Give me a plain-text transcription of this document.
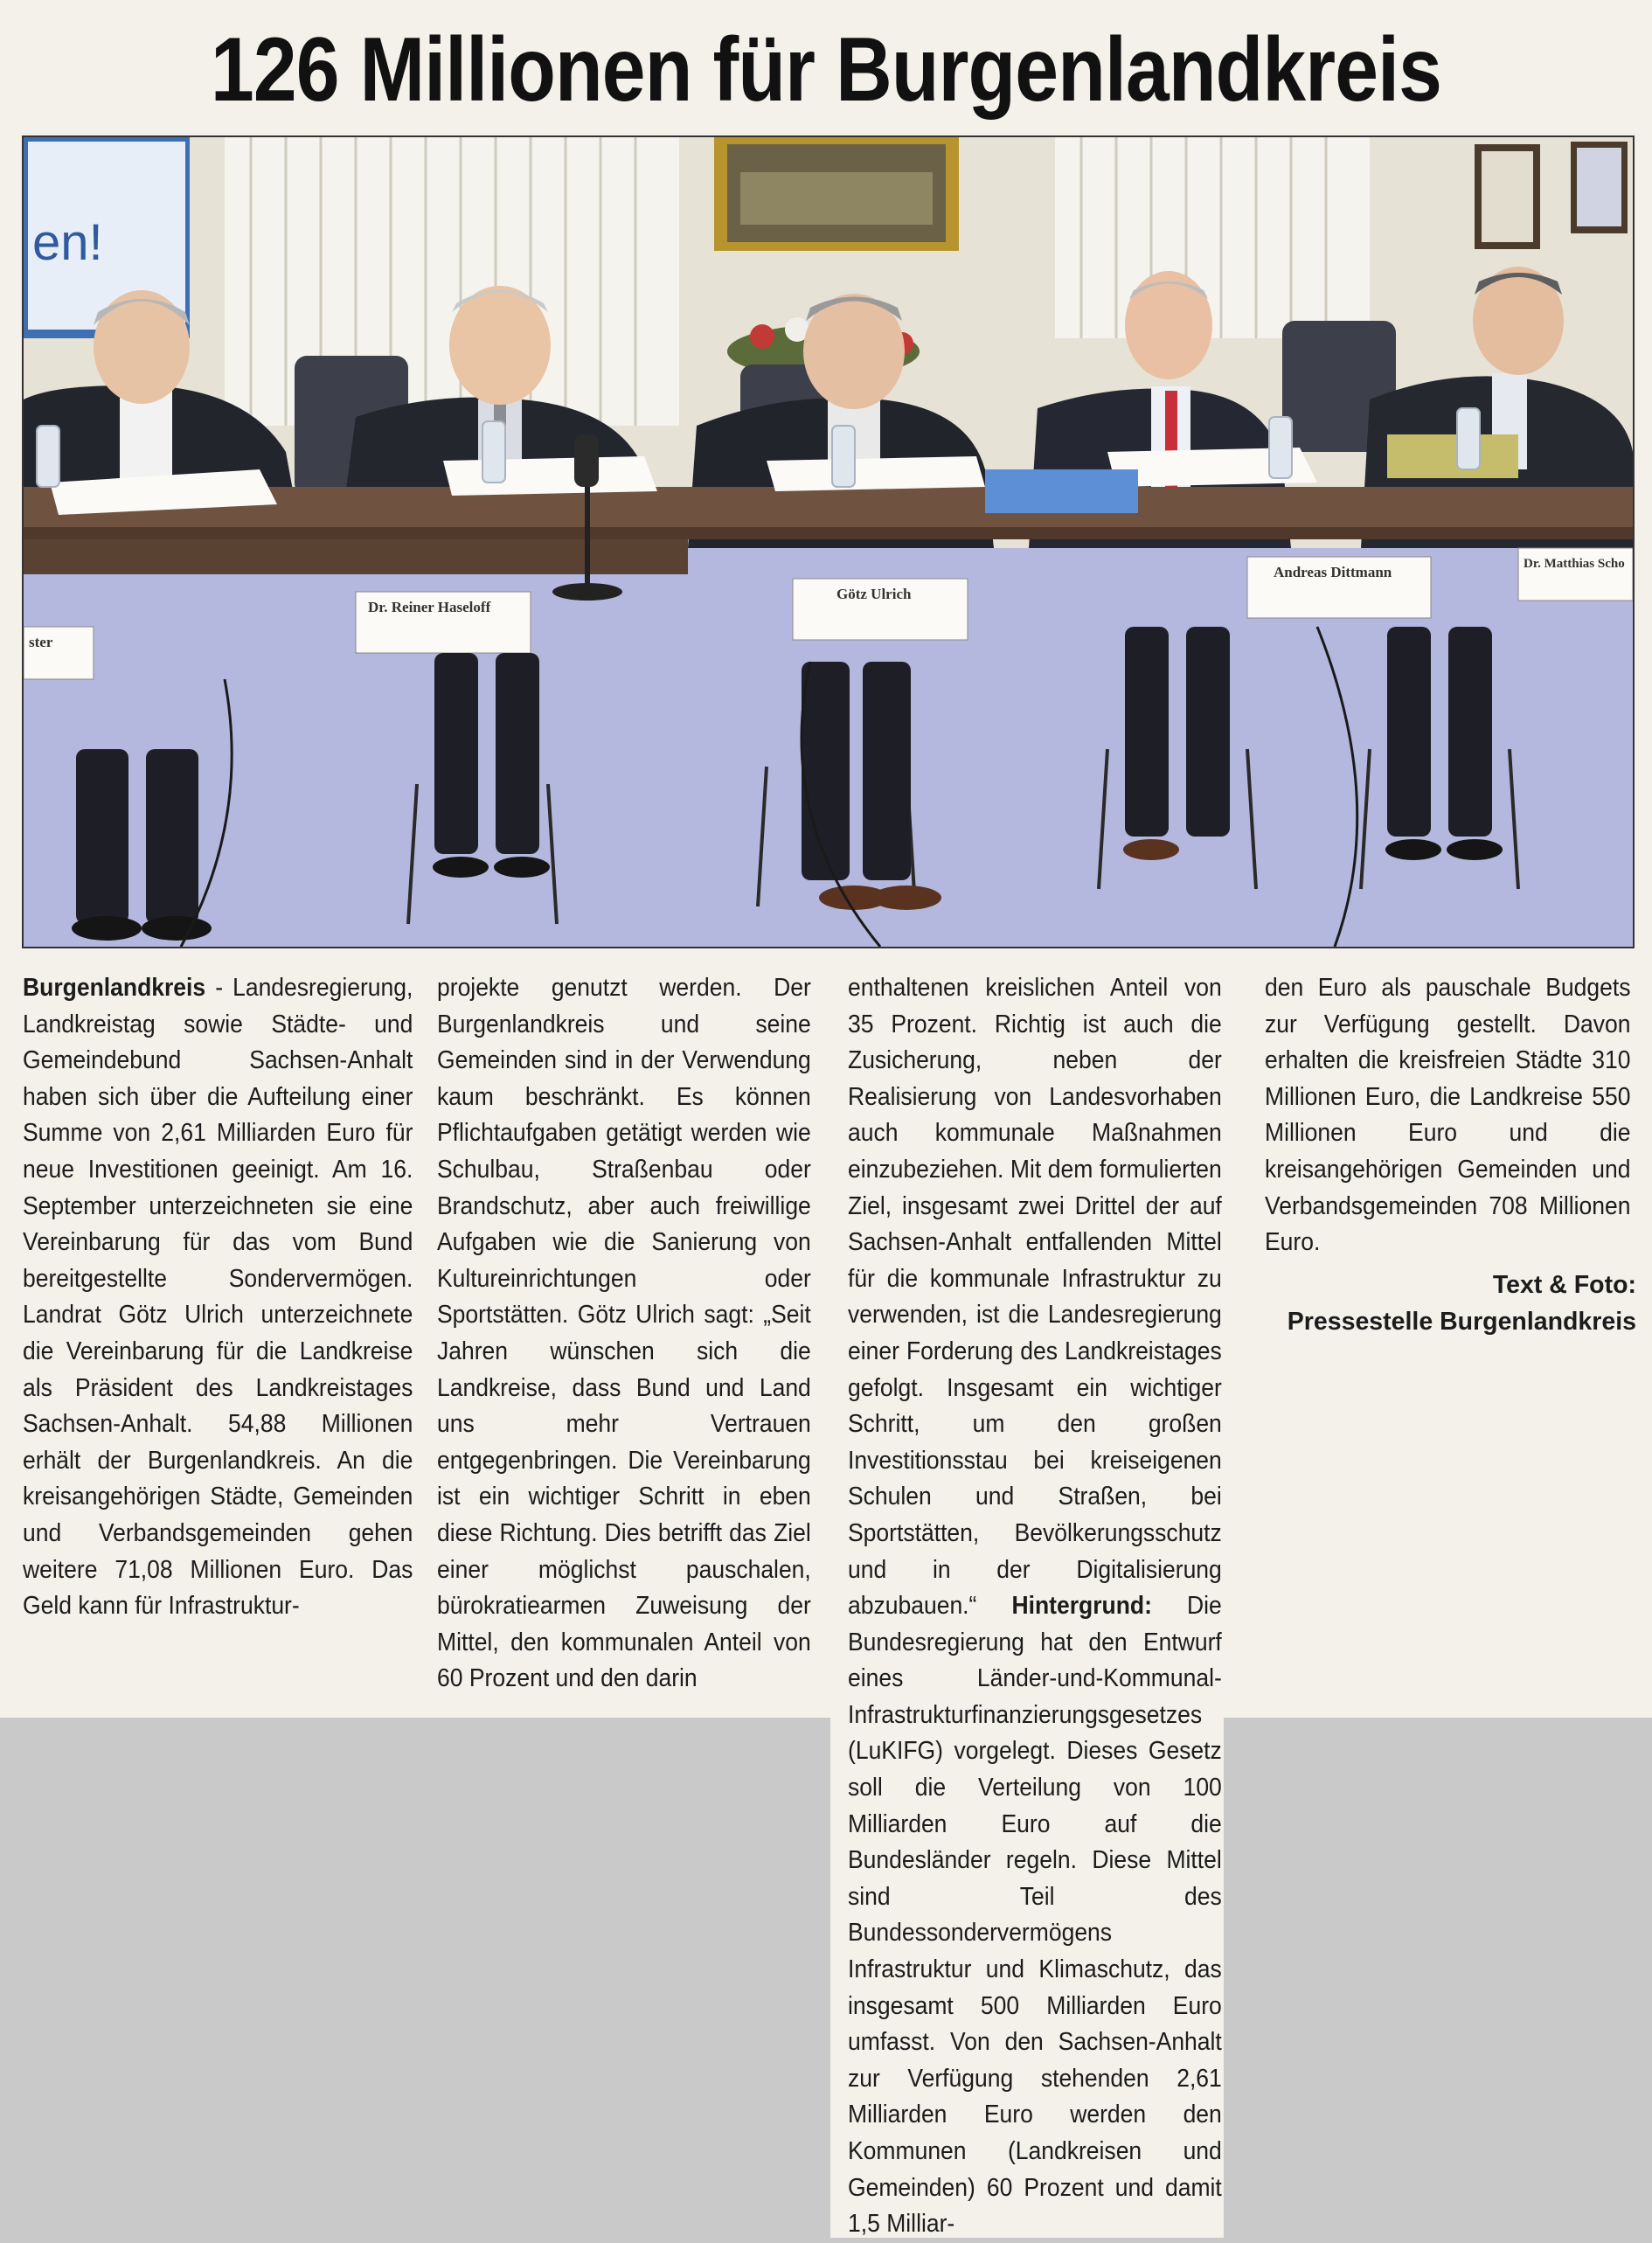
126 Millionen für Burgenlandkreis
en!
ster
Dr. Reiner Haseloff
Götz Ulrich
Andreas Dittmann	Dr. Matthias Scho
Burgenlandkreis - Landesregierung, Landkreistag sowie Städte- und Gemeindebund Sachsen-Anhalt haben sich über die Aufteilung einer Summe von 2,61 Milliarden Euro für neue Investitionen geeinigt. Am 16. September unterzeichneten sie eine Vereinbarung für das vom Bund bereitgestellte Sondervermögen. Landrat Götz Ulrich unterzeichnete die Vereinbarung für die Landkreise als Präsident des Landkreistages Sachsen-Anhalt. 54,88 Millionen erhält der Burgenlandkreis. An die kreisangehörigen Städte, Gemeinden und Verbandsgemeinden gehen weitere 71,08 Millionen Euro. Das Geld kann für Infrastruktur-
projekte genutzt werden. Der Burgenlandkreis und seine Gemeinden sind in der Verwendung kaum beschränkt. Es können Pflichtaufgaben getätigt werden wie Schulbau, Straßenbau oder Brandschutz, aber auch freiwillige Aufgaben wie die Sanierung von Kultureinrichtungen oder Sportstätten. Götz Ulrich sagt: „Seit Jahren wünschen sich die Landkreise, dass Bund und Land uns mehr Vertrauen entgegenbringen. Die Vereinbarung ist ein wichtiger Schritt in eben diese Richtung. Dies betrifft das Ziel einer möglichst pauschalen, bürokratiearmen Zuweisung der Mittel, den kommunalen Anteil von 60 Prozent und den darin
enthaltenen kreislichen Anteil von 35 Prozent. Richtig ist auch die Zusicherung, neben der Realisierung von Landesvorhaben auch kommunale Maßnahmen einzubeziehen. Mit dem formulierten Ziel, insgesamt zwei Drittel der auf Sachsen-Anhalt entfallenden Mittel für die kommunale Infrastruktur zu verwenden, ist die Landesregierung einer Forderung des Landkreistages gefolgt. Insgesamt ein wichtiger Schritt, um den großen Investitionsstau bei kreiseigenen Schulen und Straßen, bei Sportstätten, Bevölkerungsschutz und in der Digitalisierung abzubauen.“ Hintergrund: Die Bundesregierung hat den Entwurf eines Länder-und-Kommunal-Infrastrukturfinanzierungsgesetzes (LuKIFG) vorgelegt. Dieses Gesetz soll die Verteilung von 100 Milliarden Euro auf die Bundesländer regeln. Diese Mittel sind Teil des Bundessondervermögens Infrastruktur und Klimaschutz, das insgesamt 500 Milliarden Euro umfasst. Von den Sachsen-Anhalt zur Verfügung stehenden 2,61 Milliarden Euro werden den Kommunen (Landkreisen und Gemeinden) 60 Prozent und damit 1,5 Milliar-
den Euro als pauschale Budgets zur Verfügung gestellt. Davon erhalten die kreisfreien Städte 310 Millionen Euro, die Landkreise 550 Millionen Euro und die kreisangehörigen Gemeinden und Verbandsgemeinden 708 Millionen Euro.
Text & Foto:
Pressestelle Burgenlandkreis
